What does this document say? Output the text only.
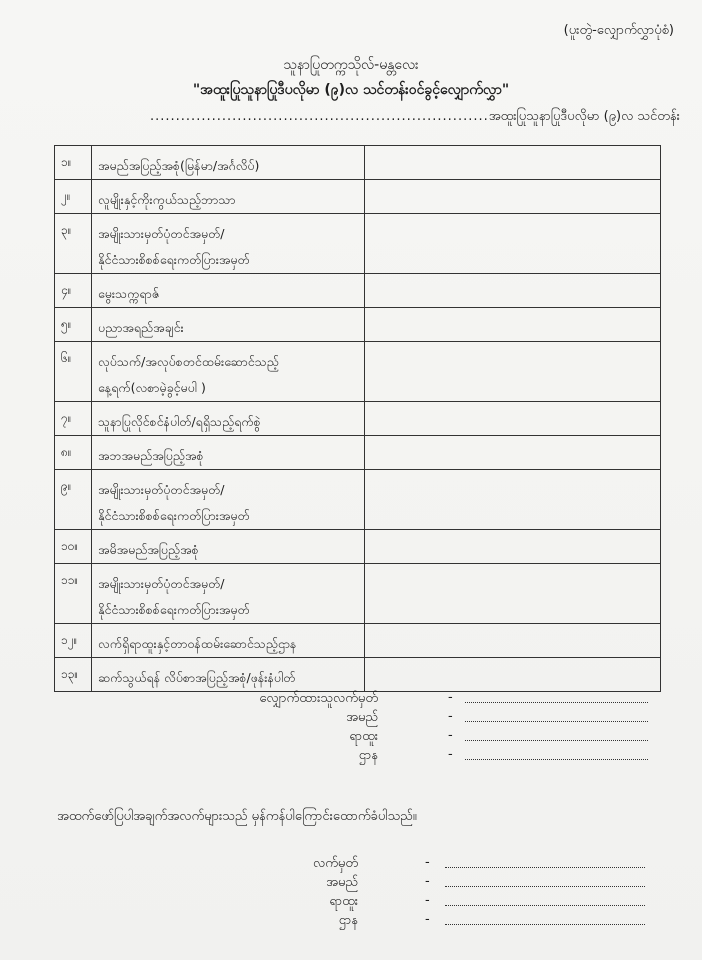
(ပူးတွဲ-လျှောက်လွှာပုံစံ)
သူနာပြုတက္ကသိုလ်-မန္တလေး
"အထူးပြုသူနာပြုဒီပလိုမာ (၉)လ သင်တန်းဝင်ခွင့်လျှောက်လွှာ"
..................................................................အထူးပြုသူနာပြုဒီပလိုမာ (၉)လ သင်တန်း
၁။	အမည်အပြည့်အစုံ(မြန်မာ/အင်္ဂလိပ်)	

၂။	လူမျိုးနှင့်ကိုးကွယ်သည့်ဘာသာ	

၃။	အမျိုးသားမှတ်ပုံတင်အမှတ်/
နိုင်ငံသားစိစစ်ရေးကတ်ပြားအမှတ်	

၄။	မွေးသက္ကရာဇ်	

၅။	ပညာအရည်အချင်း	

၆။	လုပ်သက်/အလုပ်စတင်ထမ်းဆောင်သည့်
နေ့ရက်(လစာမဲ့ခွင့်မပါ )	

၇။	သူနာပြုလိုင်စင်နံပါတ်/ရရှိသည့်ရက်စွဲ	

၈။	အဘအမည်အပြည့်အစုံ	

၉။	အမျိုးသားမှတ်ပုံတင်အမှတ်/
နိုင်ငံသားစိစစ်ရေးကတ်ပြားအမှတ်	

၁၀။	အမိအမည်အပြည့်အစုံ	

၁၁။	အမျိုးသားမှတ်ပုံတင်အမှတ်/
နိုင်ငံသားစိစစ်ရေးကတ်ပြားအမှတ်	

၁၂။	လက်ရှိရာထူးနှင့်တာဝန်ထမ်းဆောင်သည့်ဌာန	

၁၃။	ဆက်သွယ်ရန် လိပ်စာအပြည့်အစုံ/ဖုန်းနံပါတ်	

လျှောက်ထားသူလက်မှတ်	-
အမည်	-
ရာထူး	-
ဌာန	-
အထက်ဖော်ပြပါအချက်အလက်များသည် မှန်ကန်ပါကြောင်းထောက်ခံပါသည်။
လက်မှတ်	-
အမည်	-
ရာထူး	-
ဌာန	-
